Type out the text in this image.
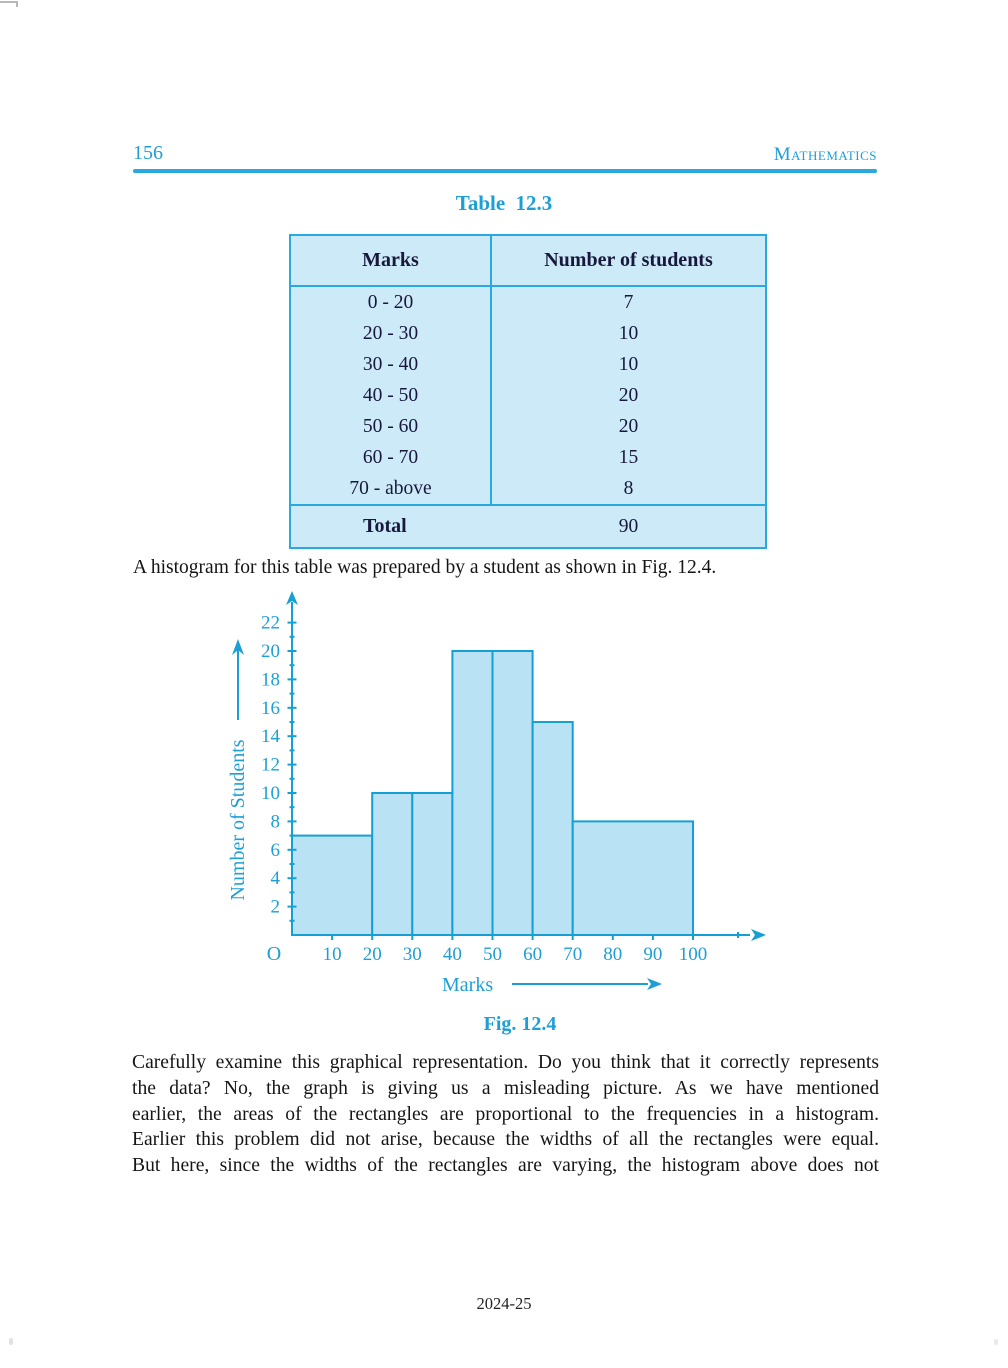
156	Mathematics
Table 12.3
Marks	Number of students
0 - 20	7
20 - 30	10
30 - 40	10
40 - 50	20
50 - 60	20
60 - 70	15
70 - above	8
Total	90
A histogram for this table was prepared by a student as shown in Fig. 12.4.
2
4
6
8
10
12
14
16
18
20
22
10 20 30 40 50 60 70 80 90 100
O
Number of Students
Marks
Fig. 12.4
Carefully examine this graphical representation. Do you think that it correctly represents
the data? No, the graph is giving us a misleading picture. As we have mentioned
earlier, the areas of the rectangles are proportional to the frequencies in a histogram.
Earlier this problem did not arise, because the widths of all the rectangles were equal.
But here, since the widths of the rectangles are varying, the histogram above does not
2024-25
